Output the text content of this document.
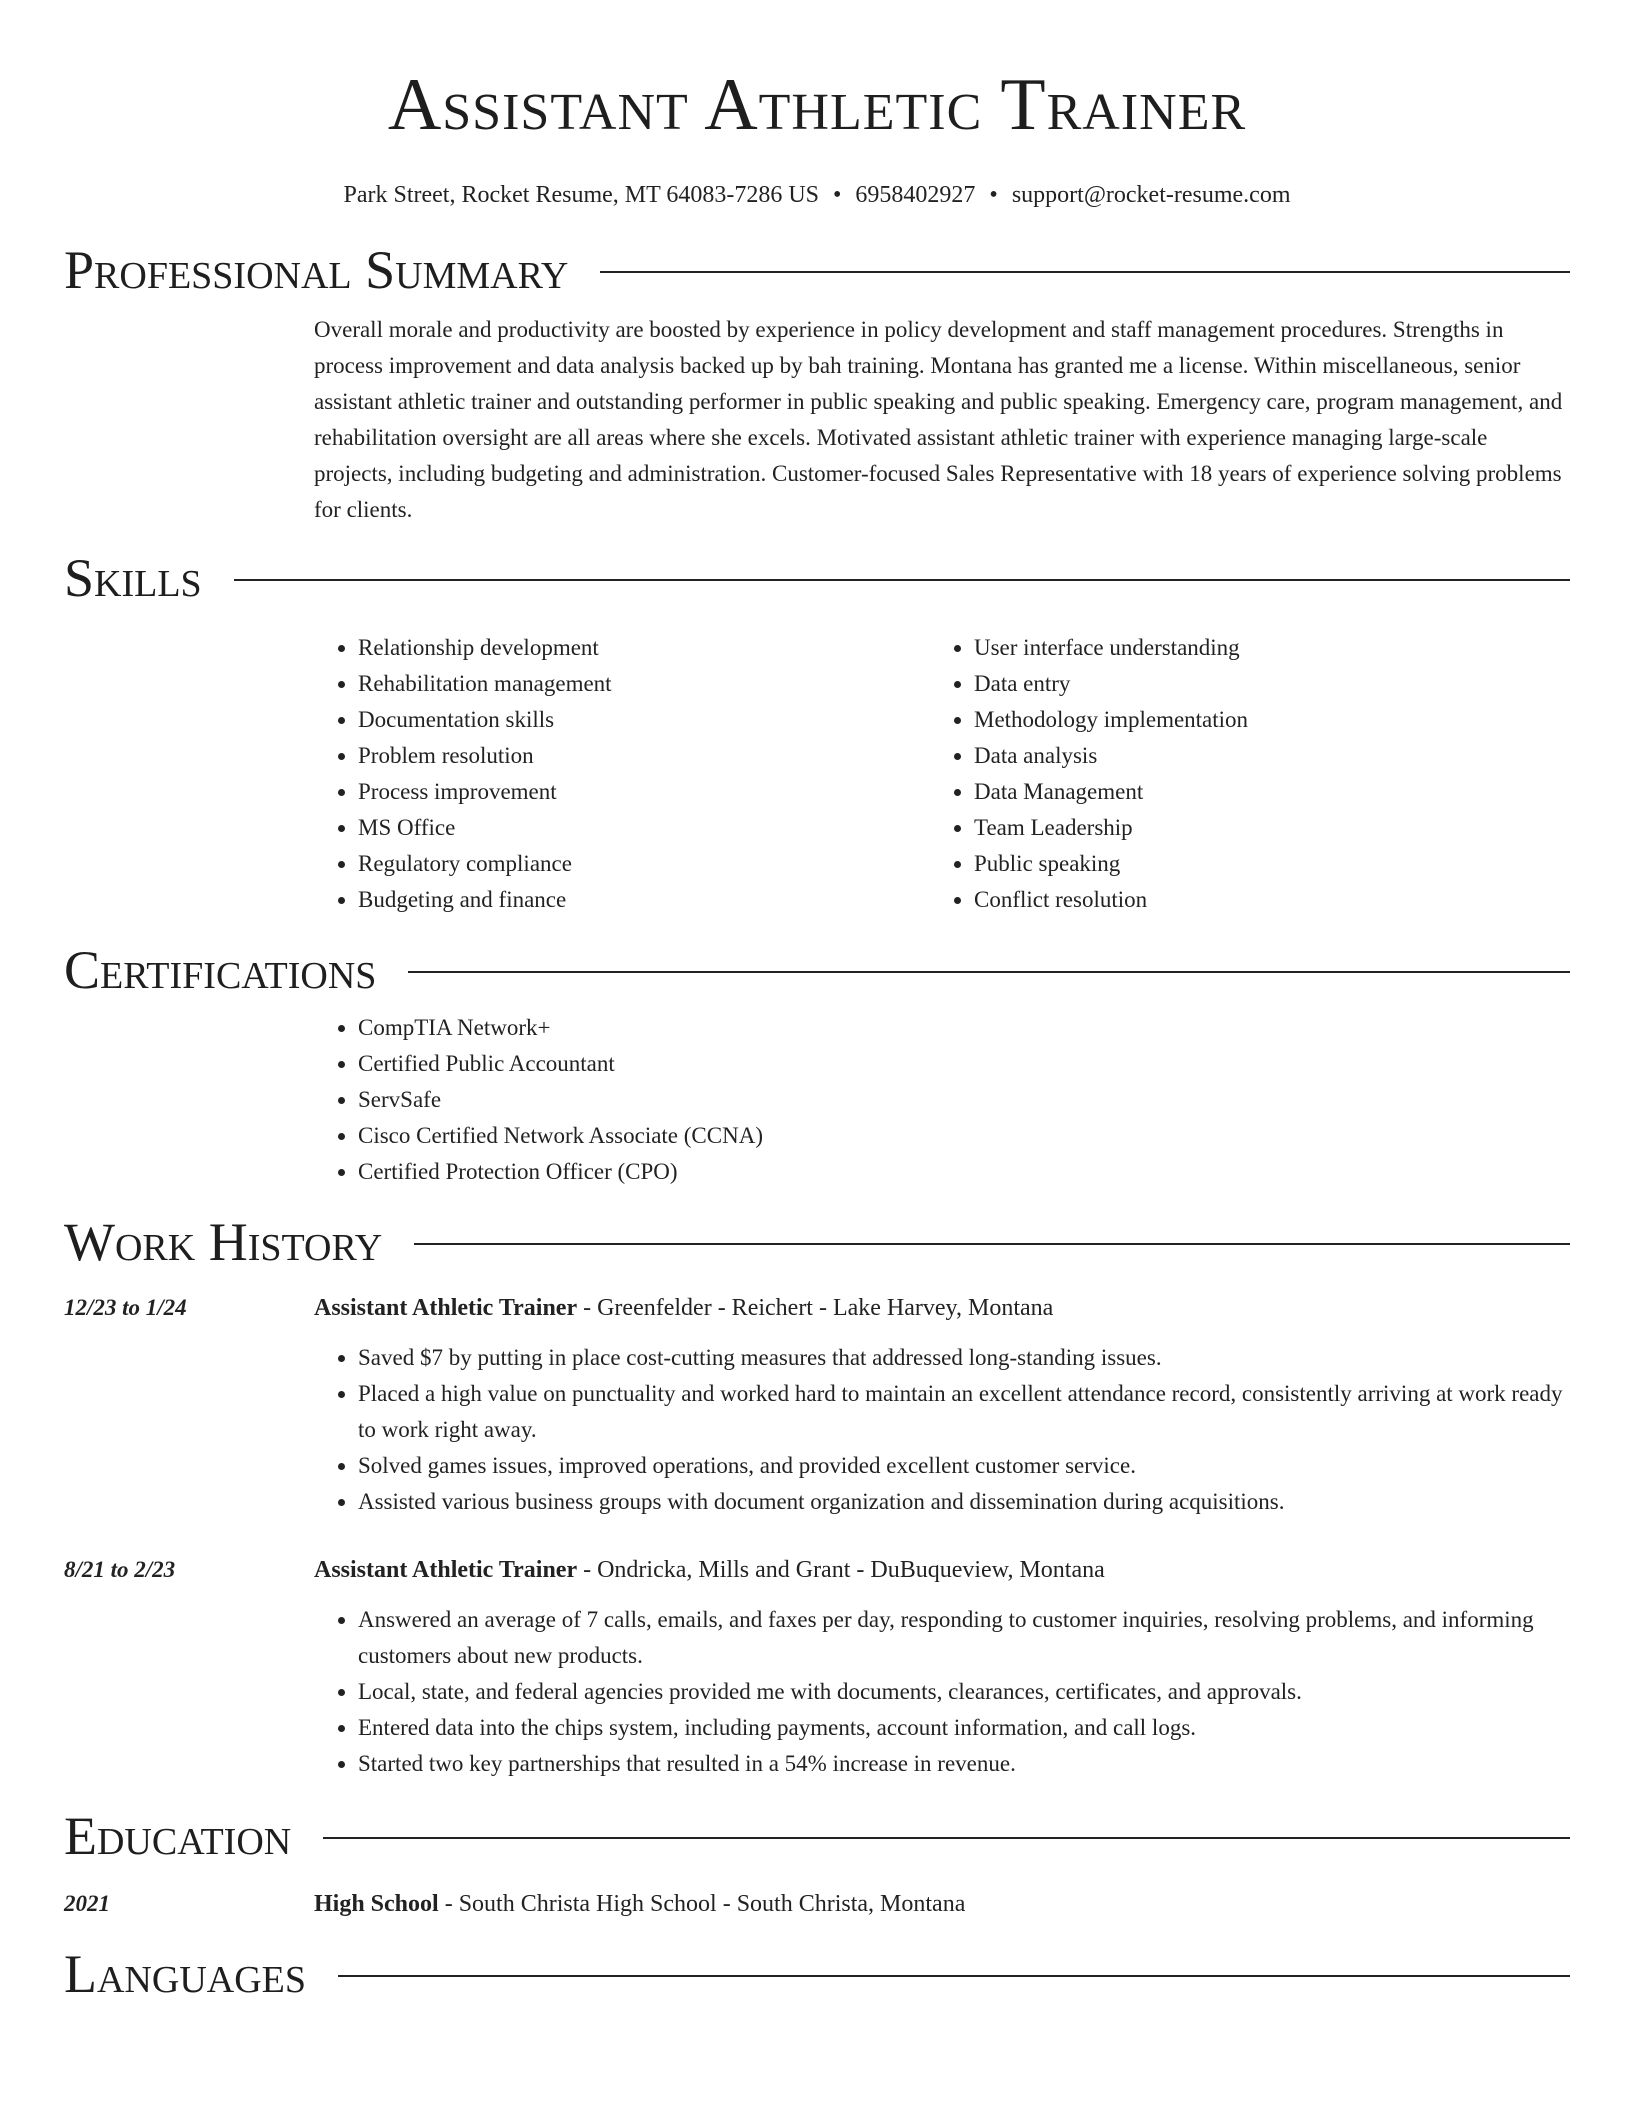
Assistant Athletic Trainer
Park Street, Rocket Resume, MT 64083-7286 US • 6958402927 • support@rocket-resume.com
Professional Summary

Overall morale and productivity are boosted by experience in policy development and staff management procedures. Strengths in process improvement and data analysis backed up by bah training. Montana has granted me a license. Within miscellaneous, senior assistant athletic trainer and outstanding performer in public speaking and public speaking. Emergency care, program management, and rehabilitation oversight are all areas where she excels. Motivated assistant athletic trainer with experience managing large-scale projects, including budgeting and administration. Customer-focused Sales Representative with 18 years of experience solving problems for clients.

Skills
• Relationship development
• Rehabilitation management
• Documentation skills
• Problem resolution
• Process improvement
• MS Office
• Regulatory compliance
• Budgeting and finance
• User interface understanding
• Data entry
• Methodology implementation
• Data analysis
• Data Management
• Team Leadership
• Public speaking
• Conflict resolution
Certifications
• CompTIA Network+
• Certified Public Accountant
• ServSafe
• Cisco Certified Network Associate (CCNA)
• Certified Protection Officer (CPO)
Work History
12/23 to 1/24	Assistant Athletic Trainer - Greenfelder - Reichert - Lake Harvey, Montana
• Saved $7 by putting in place cost-cutting measures that addressed long-standing issues.
• Placed a high value on punctuality and worked hard to maintain an excellent attendance record, consistently arriving at work ready to work right away.
• Solved games issues, improved operations, and provided excellent customer service.
• Assisted various business groups with document organization and dissemination during acquisitions.
8/21 to 2/23	Assistant Athletic Trainer - Ondricka, Mills and Grant - DuBuqueview, Montana
• Answered an average of 7 calls, emails, and faxes per day, responding to customer inquiries, resolving problems, and informing customers about new products.
• Local, state, and federal agencies provided me with documents, clearances, certificates, and approvals.
• Entered data into the chips system, including payments, account information, and call logs.
• Started two key partnerships that resulted in a 54% increase in revenue.
Education
2021	High School - South Christa High School - South Christa, Montana
Languages
